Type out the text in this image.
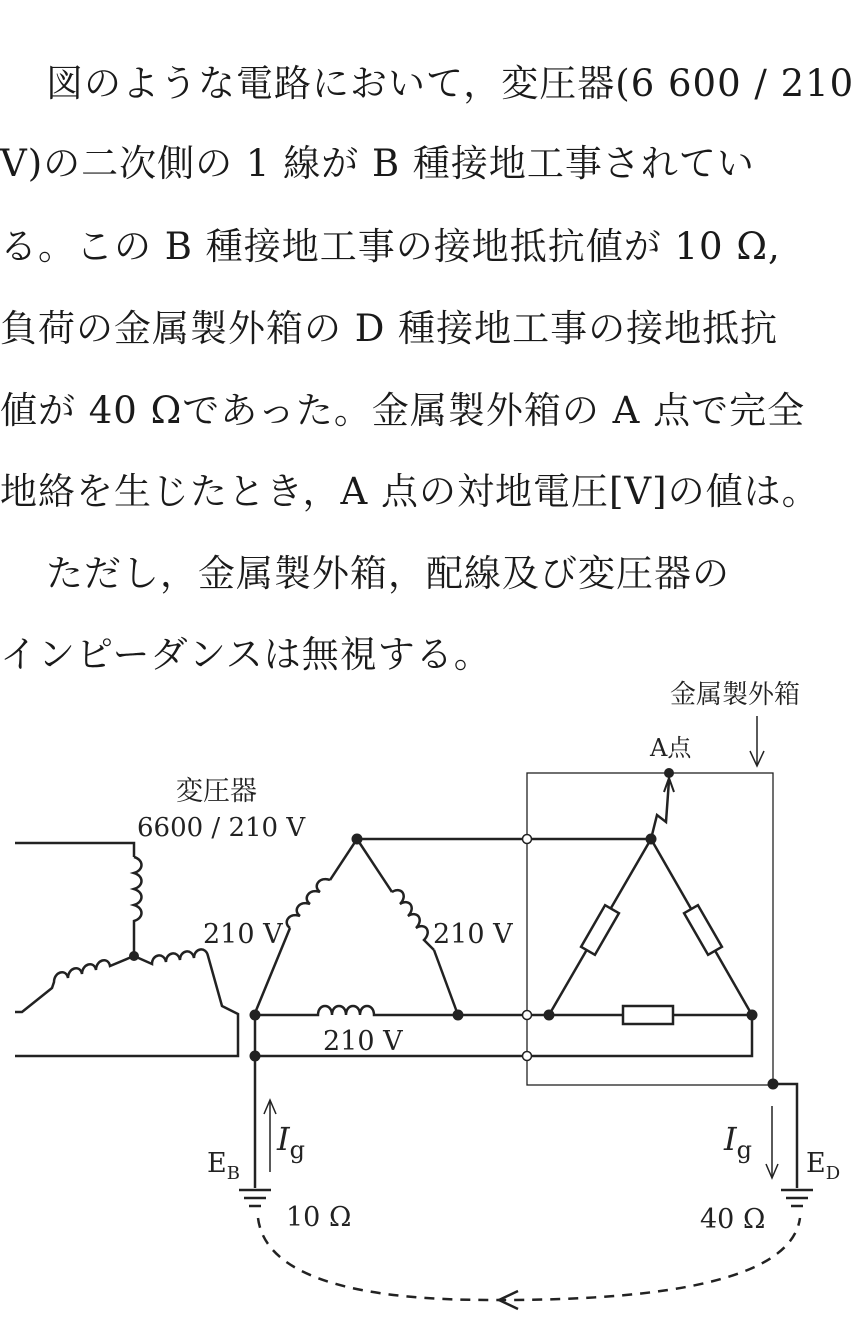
図のような電路において，変圧器(6 600 / 210
V)の二次側の 1 線が B 種接地工事されてい
る。この B 種接地工事の接地抵抗値が 10 Ω,
負荷の金属製外箱の D 種接地工事の接地抵抗
値が 40 Ωであった。金属製外箱の A 点で完全
地絡を生じたとき，A 点の対地電圧[V]の値は。
ただし，金属製外箱，配線及び変圧器の
インピーダンスは無視する。
金属製外箱
A点
変圧器
6600 / 210 V
210 V	210 V
210 V
$I_g$	$I_g$
$E_B$	$E_D$
10 Ω	40 Ω
